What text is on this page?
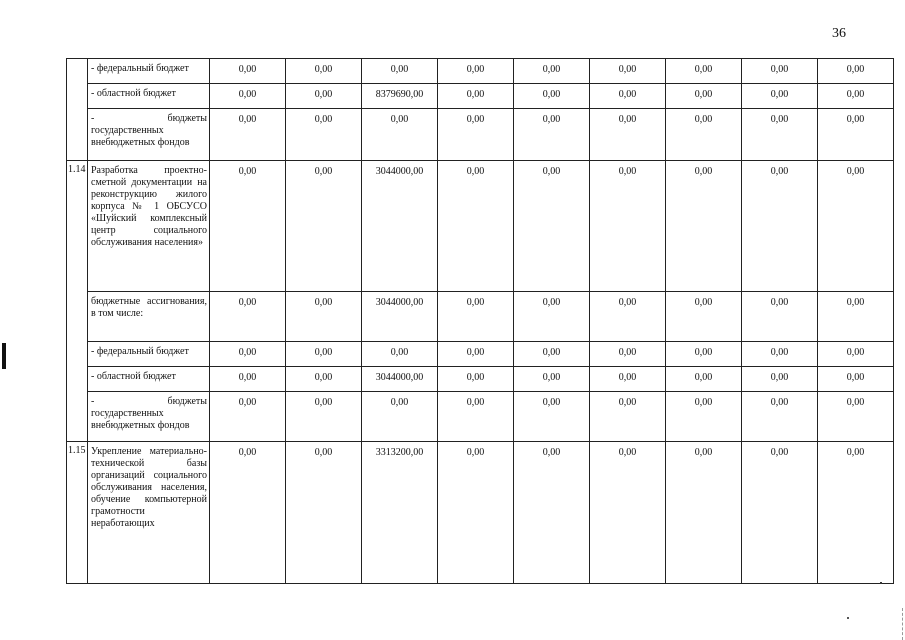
36

	- федеральный бюджет	0,00	0,00	0,00	0,00	0,00	0,00	0,00	0,00	0,00

	- областной бюджет	0,00	0,00	8379690,00	0,00	0,00	0,00	0,00	0,00	0,00

	- бюджеты государственных внебюджетных фондов	0,00	0,00	0,00	0,00	0,00	0,00	0,00	0,00	0,00
1.14	Разработка проектно-сметной документации на реконструкцию жилого корпуса № 1 ОБСУСО «Шуйский комплексный центр социального обслуживания населения»	0,00	0,00	3044000,00	0,00	0,00	0,00	0,00	0,00	0,00

	бюджетные ассигнования, в том числе:	0,00	0,00	3044000,00	0,00	0,00	0,00	0,00	0,00	0,00

	- федеральный бюджет	0,00	0,00	0,00	0,00	0,00	0,00	0,00	0,00	0,00

	- областной бюджет	0,00	0,00	3044000,00	0,00	0,00	0,00	0,00	0,00	0,00

	- бюджеты государственных внебюджетных фондов	0,00	0,00	0,00	0,00	0,00	0,00	0,00	0,00	0,00
1.15	Укрепление материально-технической базы организаций социального обслуживания населения, обучение компьютерной грамотности неработающих	0,00	0,00	3313200,00	0,00	0,00	0,00	0,00	0,00	0,00
